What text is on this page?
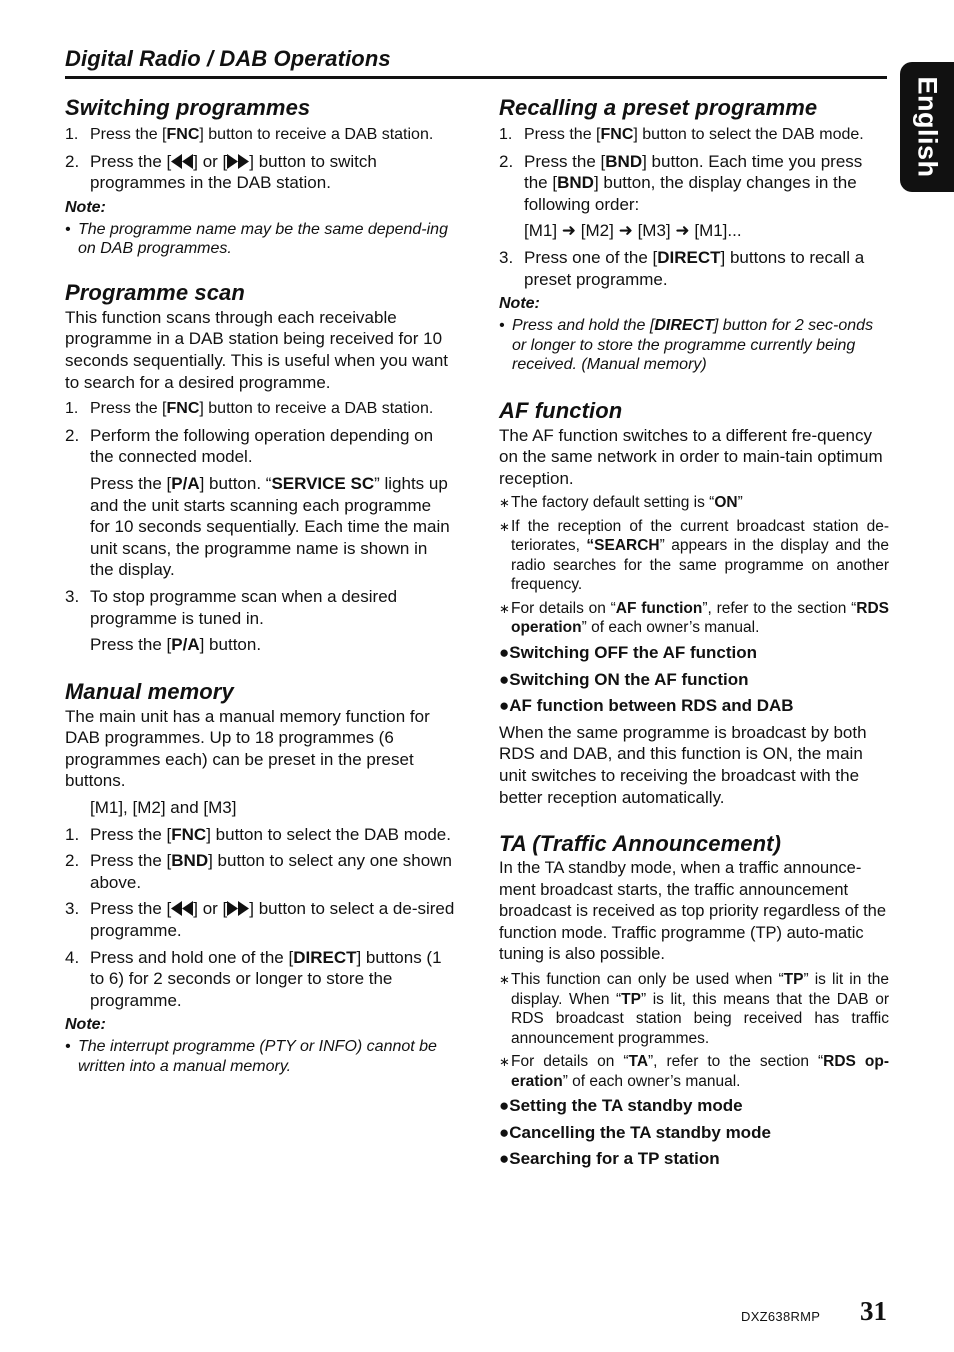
Digital Radio / DAB Operations
English
Switching programmes
1. Press the [FNC] button to receive a DAB station.
2. Press the [ ] or [ ] button to switch programmes in the DAB station.
Note:
• The programme name may be the same depend-ing on DAB programmes.
Programme scan

This function scans through each receivable programme in a DAB station being received for 10 seconds sequentially. This is useful when you want to search for a desired programme.

1. Press the [FNC] button to receive a DAB station.
2. Perform the following operation depending on the connected model.

Press the [P/A] button. “SERVICE SC” lights up and the unit starts scanning each programme for 10 seconds sequentially. Each time the main unit scans, the programme name is shown in the display.

3. To stop programme scan when a desired programme is tuned in.

Press the [P/A] button.

Manual memory

The main unit has a manual memory function for DAB programmes. Up to 18 programmes (6 programmes each) can be preset in the preset buttons.

[M1], [M2] and [M3]

1. Press the [FNC] button to select the DAB mode.
2. Press the [BND] button to select any one shown above.
3. Press the [ ] or [ ] button to select a de-sired programme.
4. Press and hold one of the [DIRECT] buttons (1 to 6) for 2 seconds or longer to store the programme.
Note:
• The interrupt programme (PTY or INFO) cannot be written into a manual memory.
Recalling a preset programme
1. Press the [FNC] button to select the DAB mode.
2. Press the [BND] button. Each time you press the [BND] button, the display changes in the following order:

[M1] ➜ [M2] ➜ [M3] ➜ [M1]...

3. Press one of the [DIRECT] buttons to recall a preset programme.
Note:
• Press and hold the [DIRECT] button for 2 sec-onds or longer to store the programme currently being received. (Manual memory)
AF function

The AF function switches to a different fre-quency on the same network in order to main-tain optimum reception.

∗ The factory default setting is “ON”
∗ If the reception of the current broadcast station de-teriorates, “SEARCH” appears in the display and the radio searches for the same programme on another frequency.
∗ For details on “AF function”, refer to the section “RDS operation” of each owner’s manual.
●Switching OFF the AF function
●Switching ON the AF function
●AF function between RDS and DAB

When the same programme is broadcast by both RDS and DAB, and this function is ON, the main unit switches to receiving the broadcast with the better reception automatically.

TA (Traffic Announcement)

In the TA standby mode, when a traffic announce-ment broadcast starts, the traffic announcement broadcast is received as top priority regardless of the function mode. Traffic programme (TP) auto-matic tuning is also possible.

∗ This function can only be used when “TP” is lit in the display. When “TP” is lit, this means that the DAB or RDS broadcast station being received has traffic announcement programmes.
∗ For details on “TA”, refer to the section “RDS op-eration” of each owner’s manual.
●Setting the TA standby mode
●Cancelling the TA standby mode
●Searching for a TP station
DXZ638RMP 31
